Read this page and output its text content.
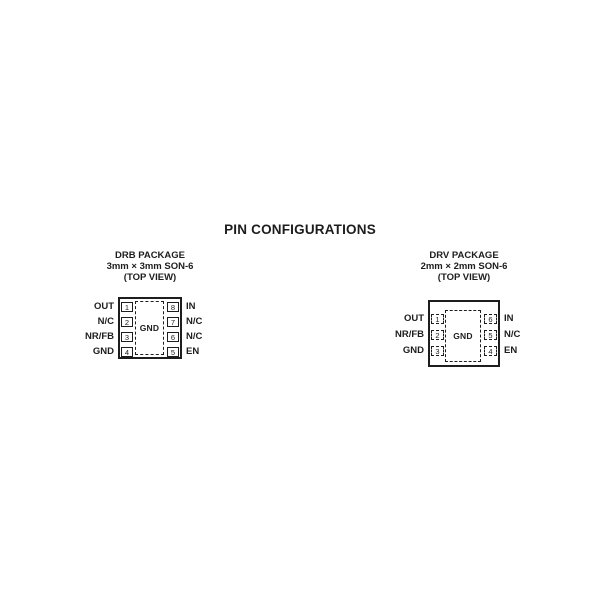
PIN CONFIGURATIONS
DRB PACKAGE
3mm × 3mm SON-6
(TOP VIEW)
OUT
N/C
NR/FB
GND
1
2
3
4
GND
8
7
6
5
IN
N/C
N/C
EN
DRV PACKAGE
2mm × 2mm SON-6
(TOP VIEW)
OUT
NR/FB
GND
1
2
3
GND
6
5
4
IN
N/C
EN
